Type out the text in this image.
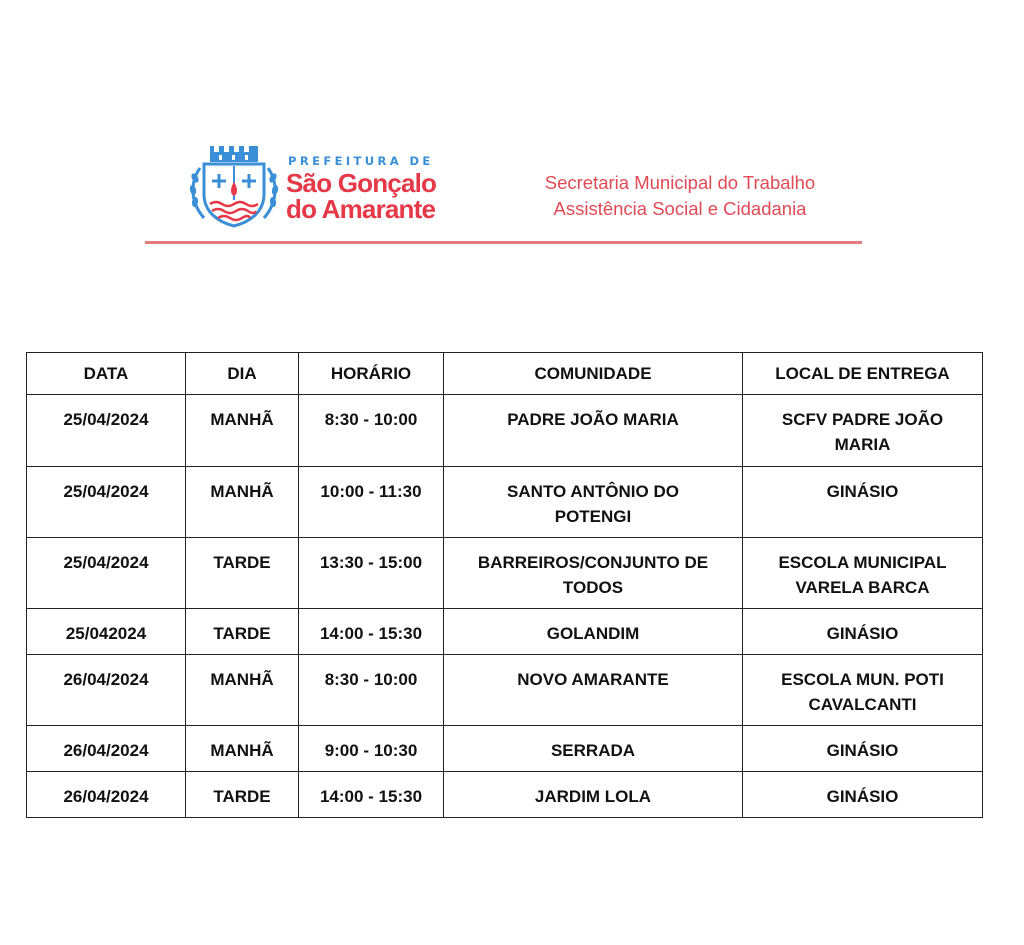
PREFEITURA DE
São Gonçalo
do Amarante
Secretaria Municipal do Trabalho
Assistência Social e Cidadania
DATA	DIA	HORÁRIO	COMUNIDADE	LOCAL DE ENTREGA
25/04/2024	MANHÃ	8:30 - 10:00	PADRE JOÃO MARIA	SCFV PADRE JOÃO MARIA
25/04/2024	MANHÃ	10:00 - 11:30	SANTO ANTÔNIO DO POTENGI	GINÁSIO
25/04/2024	TARDE	13:30 - 15:00	BARREIROS/CONJUNTO DE TODOS	ESCOLA MUNICIPAL VARELA BARCA
25/042024	TARDE	14:00 - 15:30	GOLANDIM	GINÁSIO
26/04/2024	MANHÃ	8:30 - 10:00	NOVO AMARANTE	ESCOLA MUN. POTI CAVALCANTI
26/04/2024	MANHÃ	9:00 - 10:30	SERRADA	GINÁSIO
26/04/2024	TARDE	14:00 - 15:30	JARDIM LOLA	GINÁSIO
